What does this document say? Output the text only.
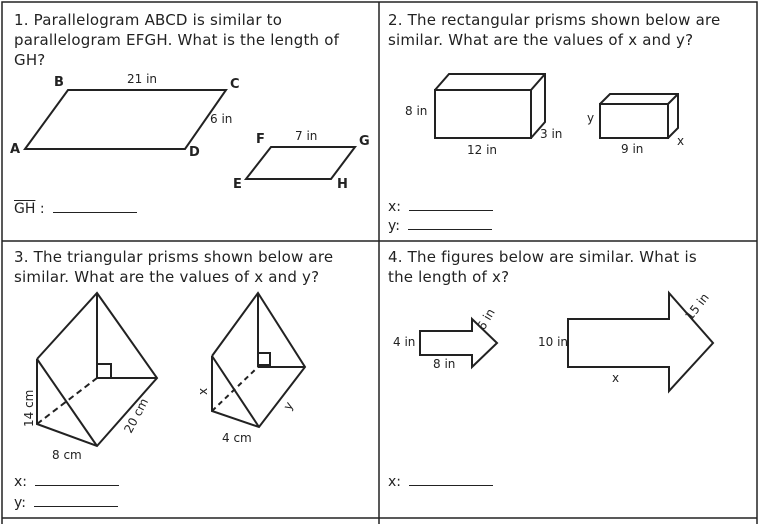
1. Parallelogram ABCD is similar to
parallelogram EFGH. What is the length of
GH?
A
B	C
D
E
F	G
H
21 in
6 in
7 in
$\overline{GH}$ :
2. The rectangular prisms shown below are
similar. What are the values of x and y?
8 in
12 in
3 in
y
9 in
x
x:
y:
3. The triangular prisms shown below are
similar. What are the values of x and y?
14 cm
8 cm
20 cm
x
y
4 cm
x:
y:
4. The figures below are similar. What is
the length of x?
4 in
8 in
6 in
10 in
x
15 in
x:
